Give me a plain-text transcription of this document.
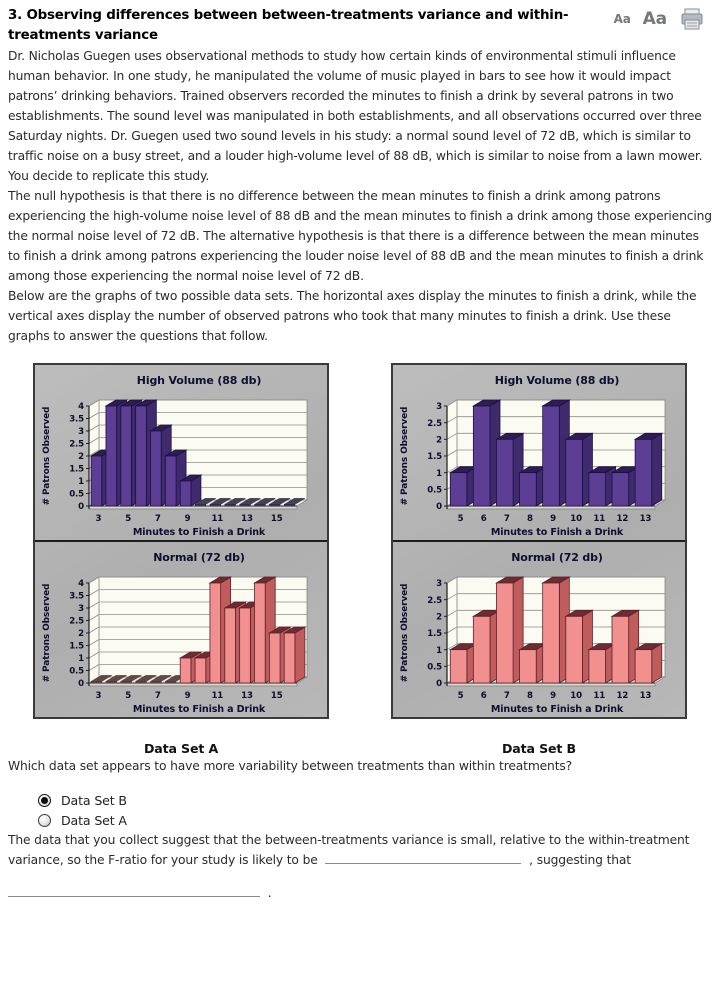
3. Observing differences between between-treatments variance and within-treatments variance
Aa Aa

Dr. Nicholas Guegen uses observational methods to study how certain kinds of environmental stimuli influence human behavior. In one study, he manipulated the volume of music played in bars to see how it would impact patrons’ drinking behaviors. Trained observers recorded the minutes to finish a drink by several patrons in two establishments. The sound level was manipulated in both establishments, and all observations occurred over three Saturday nights. Dr. Guegen used two sound levels in his study: a normal sound level of 72 dB, which is similar to traffic noise on a busy street, and a louder high-volume level of 88 dB, which is similar to noise from a lawn mower. You decide to replicate this study.

The null hypothesis is that there is no difference between the mean minutes to finish a drink among patrons experiencing the high-volume noise level of 88 dB and the mean minutes to finish a drink among those experiencing the normal noise level of 72 dB. The alternative hypothesis is that there is a difference between the mean minutes to finish a drink among patrons experiencing the louder noise level of 88 dB and the mean minutes to finish a drink among those experiencing the normal noise level of 72 dB.

Below are the graphs of two possible data sets. The horizontal axes display the minutes to finish a drink, while the vertical axes display the number of observed patrons who took that many minutes to finish a drink. Use these graphs to answer the questions that follow.

0
0.5
1
1.5
2
2.5
3
3.5
4
3	5	7	9 11 13 15
High Volume (88 db)
Minutes to Finish a Drink
# Patrons Observed
0
0.5
1
1.5
2
2.5
3
3.5
4
3	5	7	9 11 13 15
Normal (72 db)
Minutes to Finish a Drink
# Patrons Observed
0
0.5
1
1.5
2
2.5
3
5 6 7 8 9 10 11 12 13
High Volume (88 db)
Minutes to Finish a Drink
# Patrons Observed
0
0.5
1
1.5
2
2.5
3
5 6 7 8 9 10 11 12 13
Normal (72 db)
Minutes to Finish a Drink
# Patrons Observed
Data Set A	Data Set B

Which data set appears to have more variability between treatments than within treatments?

Data Set B
Data Set A

The data that you collect suggest that the between-treatments variance is small, relative to the within-treatment variance, so the F-ratio for your study is likely to be	, suggesting that
.
